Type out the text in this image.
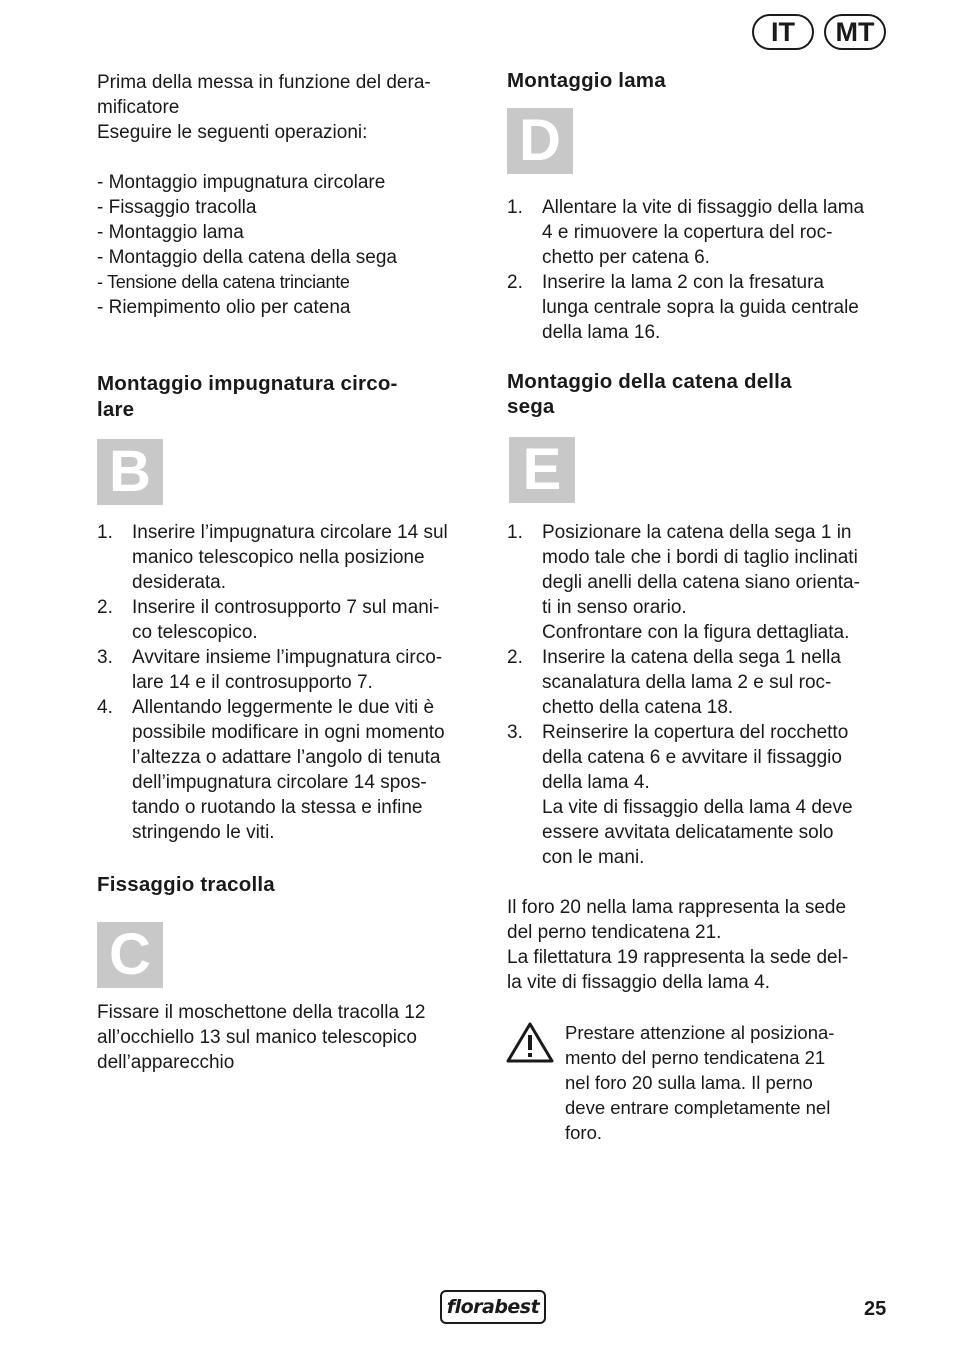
IT	MT

Prima della messa in funzione del dera-
mificatore
Eseguire le seguenti operazioni:

- Montaggio impugnatura circolare

- Fissaggio tracolla

- Montaggio lama

- Montaggio della catena della sega

- Tensione della catena trinciante

- Riempimento olio per catena

Montaggio impugnatura circo-
lare

B
1.	Inserire l’impugnatura circolare 14 sul
manico telescopico nella posizione
desiderata.
2.	Inserire il controsupporto 7 sul mani-
co telescopico.
3.	Avvitare insieme l’impugnatura circo-
lare 14 e il controsupporto 7.
4.	Allentando leggermente le due viti è
possibile modificare in ogni momento
l’altezza o adattare l’angolo di tenuta
dell’impugnatura circolare 14 spos-
tando o ruotando la stessa e infine
stringendo le viti.

Fissaggio tracolla

C

Fissare il moschettone della tracolla 12
all’occhiello 13 sul manico telescopico
dell’apparecchio

Montaggio lama

D
1.	Allentare la vite di fissaggio della lama
4 e rimuovere la copertura del roc-
chetto per catena 6.
2.	Inserire la lama 2 con la fresatura
lunga centrale sopra la guida centrale
della lama 16.

Montaggio della catena della
sega

E
1.	Posizionare la catena della sega 1 in
modo tale che i bordi di taglio inclinati
degli anelli della catena siano orienta-
ti in senso orario.
Confrontare con la figura dettagliata.
2.	Inserire la catena della sega 1 nella
scanalatura della lama 2 e sul roc-
chetto della catena 18.
3.	Reinserire la copertura del rocchetto
della catena 6 e avvitare il fissaggio
della lama 4.
La vite di fissaggio della lama 4 deve
essere avvitata delicatamente solo
con le mani.

Il foro 20 nella lama rappresenta la sede
del perno tendicatena 21.
La filettatura 19 rappresenta la sede del-
la vite di fissaggio della lama 4.

Prestare attenzione al posiziona-
mento del perno tendicatena 21
nel foro 20 sulla lama. Il perno
deve entrare completamente nel
foro.

florabest	25
